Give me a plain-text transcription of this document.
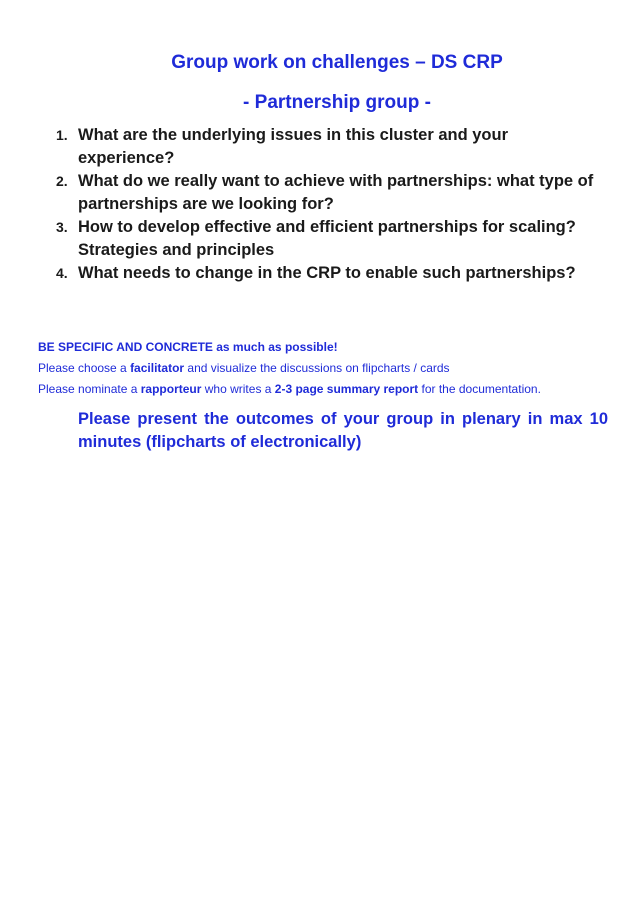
Group work on challenges – DS CRP
- Partnership group -
1. What are the underlying issues in this cluster and your experience?
2. What do we really want to achieve with partnerships: what type of partnerships are we looking for?
3. How to develop effective and efficient partnerships for scaling? Strategies and principles
4. What needs to change in the CRP to enable such partnerships?

BE SPECIFIC AND CONCRETE as much as possible!

Please choose a facilitator and visualize the discussions on flipcharts / cards

Please nominate a rapporteur who writes a 2-3 page summary report for the documentation.

Please present the outcomes of your group in plenary in max 10 minutes (flipcharts of electronically)
